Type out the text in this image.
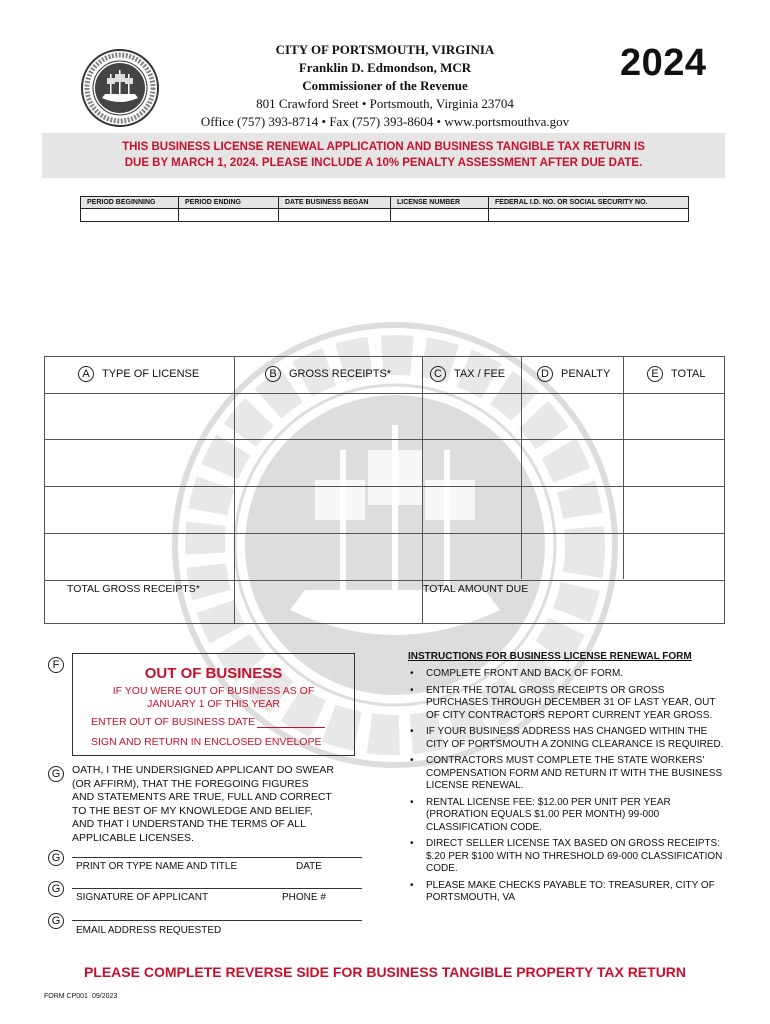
CITY OF PORTSMOUTH, VIRGINIA
Franklin D. Edmondson, MCR
Commissioner of the Revenue
801 Crawford Sreet • Portsmouth, Virginia 23704
Office (757) 393-8714 • Fax (757) 393-8604 • www.portsmouthva.gov
2024
THIS BUSINESS LICENSE RENEWAL APPLICATION AND BUSINESS TANGIBLE TAX RETURN IS
DUE BY MARCH 1, 2024. PLEASE INCLUDE A 10% PENALTY ASSESSMENT AFTER DUE DATE.
PERIOD BEGINNING	PERIOD ENDING	DATE BUSINESS BEGAN	LICENSE NUMBER	FEDERAL I.D. NO. OR SOCIAL SECURITY NO.
A TYPE OF LICENSE	B GROSS RECEIPTS*	C TAX / FEE	D PENALTY	E TOTAL
TOTAL GROSS RECEIPTS*	TOTAL AMOUNT DUE
F	OUT OF BUSINESS
IF YOU WERE OUT OF BUSINESS AS OF
JANUARY 1 OF THIS YEAR
ENTER OUT OF BUSINESS DATE
SIGN AND RETURN IN ENCLOSED ENVELOPE
G	OATH, I THE UNDERSIGNED APPLICANT DO SWEAR
(OR AFFIRM), THAT THE FOREGOING FIGURES
AND STATEMENTS ARE TRUE, FULL AND CORRECT
TO THE BEST OF MY KNOWLEDGE AND BELIEF,
AND THAT I UNDERSTAND THE TERMS OF ALL
APPLICABLE LICENSES.
G
PRINT OR TYPE NAME AND TITLE	DATE
G
SIGNATURE OF APPLICANT	PHONE #
G
EMAIL ADDRESS REQUESTED
INSTRUCTIONS FOR BUSINESS LICENSE RENEWAL FORM
• COMPLETE FRONT AND BACK OF FORM.
• ENTER THE TOTAL GROSS RECEIPTS OR GROSS PURCHASES THROUGH DECEMBER 31 OF LAST YEAR, OUT OF CITY CONTRACTORS REPORT CURRENT YEAR GROSS.
• IF YOUR BUSINESS ADDRESS HAS CHANGED WITHIN THE CITY OF PORTSMOUTH A ZONING CLEARANCE IS REQUIRED.
• CONTRACTORS MUST COMPLETE THE STATE WORKERS' COMPENSATION FORM AND RETURN IT WITH THE BUSINESS LICENSE RENEWAL.
• RENTAL LICENSE FEE: $12.00 PER UNIT PER YEAR (PRORATION EQUALS $1.00 PER MONTH) 99-000 CLASSIFICATION CODE.
• DIRECT SELLER LICENSE TAX BASED ON GROSS RECEIPTS: $.20 PER $100 WITH NO THRESHOLD 69-000 CLASSIFICATION CODE.
• PLEASE MAKE CHECKS PAYABLE TO: TREASURER, CITY OF PORTSMOUTH, VA
PLEASE COMPLETE REVERSE SIDE FOR BUSINESS TANGIBLE PROPERTY TAX RETURN
FORM CP001 09/2023
